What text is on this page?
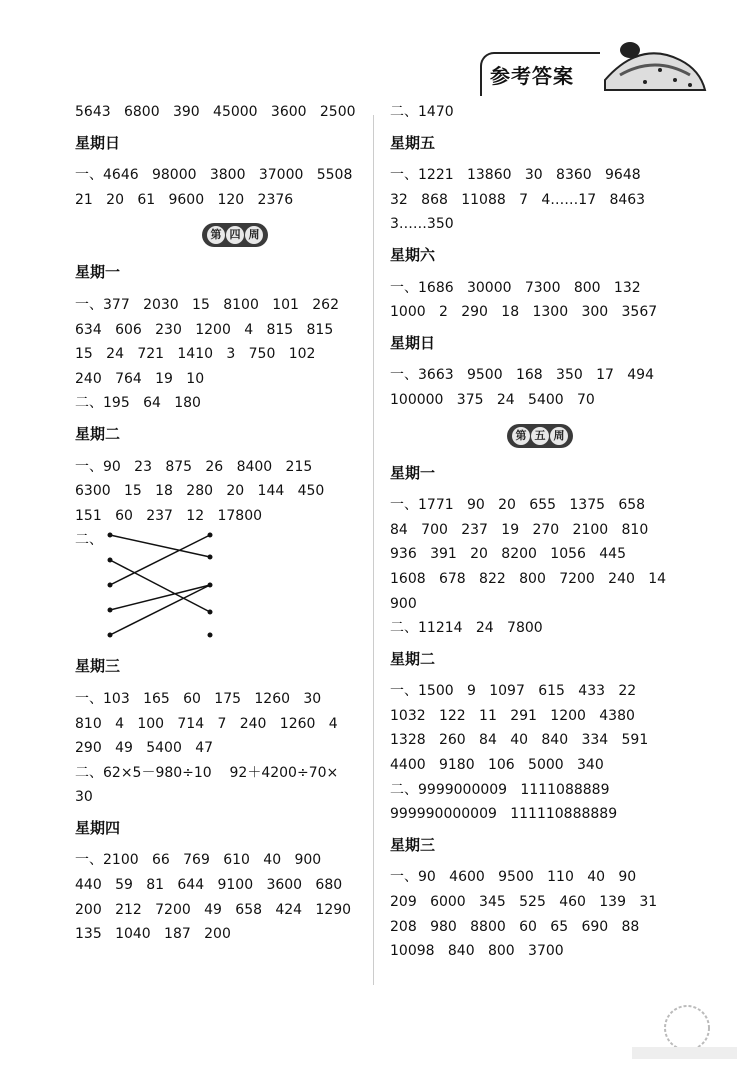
参考答案
5643   6800   390   45000   3600   2500
星期日
一、4646   98000   3800   37000   5508
21   20   61   9600   120   2376
第 四 周
星期一
一、377   2030   15   8100   101   262
634   606   230   1200   4   815   815
15   24   721   1410   3   750   102
240   764   19   10
二、195   64   180
星期二
一、90   23   875   26   8400   215
6300   15   18   280   20   144   450
151   60   237   12   17800
二、
星期三
一、103   165   60   175   1260   30
810   4   100   714   7   240   1260   4
290   49   5400   47
二、62×5－980÷10    92＋4200÷70×
30
星期四
一、2100   66   769   610   40   900
440   59   81   644   9100   3600   680
200   212   7200   49   658   424   1290
135   1040   187   200
二、1470
星期五
一、1221   13860   30   8360   9648
32   868   11088   7   4……17   8463
3……350
星期六
一、1686   30000   7300   800   132
1000   2   290   18   1300   300   3567
星期日
一、3663   9500   168   350   17   494
100000   375   24   5400   70
第 五 周
星期一
一、1771   90   20   655   1375   658
84   700   237   19   270   2100   810
936   391   20   8200   1056   445
1608   678   822   800   7200   240   14
900
二、11214   24   7800
星期二
一、1500   9   1097   615   433   22
1032   122   11   291   1200   4380
1328   260   84   40   840   334   591
4400   9180   106   5000   340
二、9999000009   1111088889
999990000009   111110888889
星期三
一、90   4600   9500   110   40   90
209   6000   345   525   460   139   31
208   980   8800   60   65   690   88
10098   840   800   3700
